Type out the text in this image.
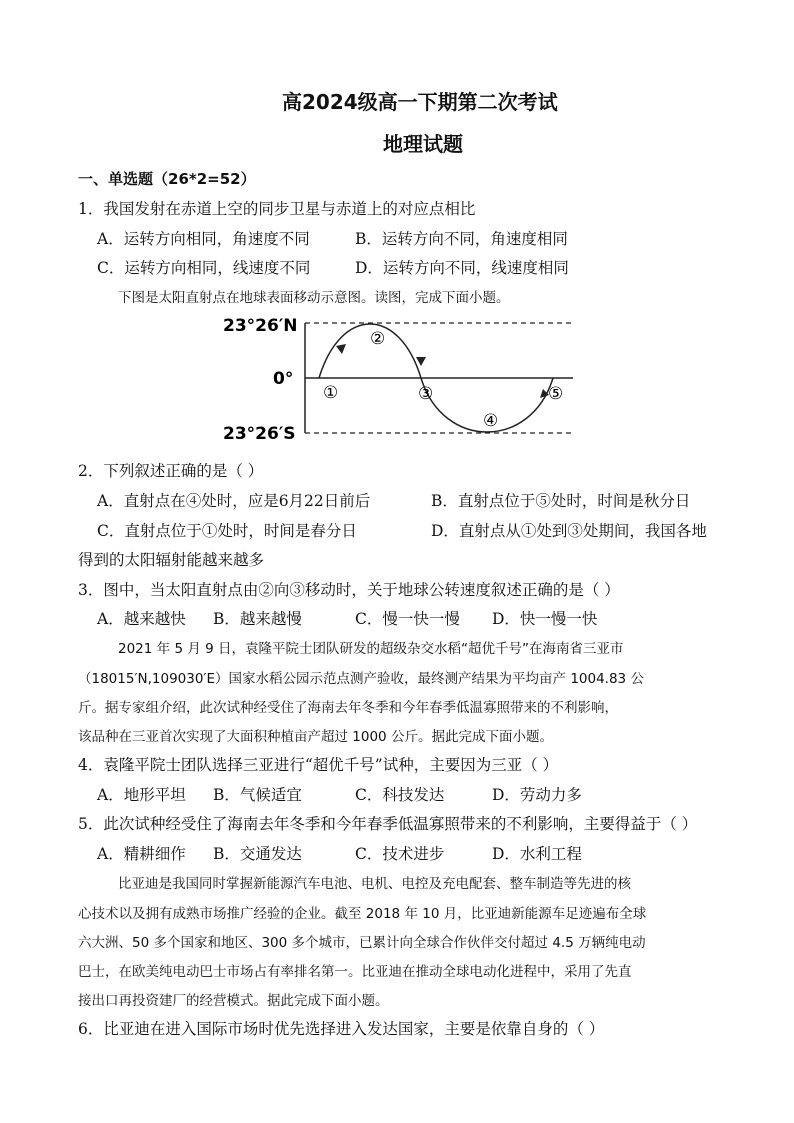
高2024级高一下期第二次考试
地理试题
一、单选题（26*2=52）
1．我国发射在赤道上空的同步卫星与赤道上的对应点相比
A．运转方向相同，角速度不同	B．运转方向不同，角速度相同
C．运转方向相同，线速度不同	D．运转方向不同，线速度相同
下图是太阳直射点在地球表面移动示意图。读图，完成下面小题。
23°26′N
0°
23°26′S
①
②
③
④
⑤
2．下列叙述正确的是（ ）
A．直射点在④处时，应是6月22日前后	B．直射点位于⑤处时，时间是秋分日
C．直射点位于①处时，时间是春分日	D．直射点从①处到③处期间，我国各地
得到的太阳辐射能越来越多
3．图中，当太阳直射点由②向③移动时，关于地球公转速度叙述正确的是（ ）
A．越来越快 B．越来越慢	C．慢一快一慢 D．快一慢一快
2021 年 5 月 9 日，袁隆平院士团队研发的超级杂交水稻“超优千号”在海南省三亚市
（18015′N,109030′E）国家水稻公园示范点测产验收，最终测产结果为平均亩产 1004.83 公
斤。据专家组介绍，此次试种经受住了海南去年冬季和今年春季低温寡照带来的不利影响，
该品种在三亚首次实现了大面积种植亩产超过 1000 公斤。据此完成下面小题。
4．袁隆平院士团队选择三亚进行“超优千号”试种，主要因为三亚（ ）
A．地形平坦 B．气候适宜	C．科技发达	D．劳动力多
5．此次试种经受住了海南去年冬季和今年春季低温寡照带来的不利影响，主要得益于（ ）
A．精耕细作 B．交通发达	C．技术进步	D．水利工程
比亚迪是我国同时掌握新能源汽车电池、电机、电控及充电配套、整车制造等先进的核
心技术以及拥有成熟市场推广经验的企业。截至 2018 年 10 月，比亚迪新能源车足迹遍布全球
六大洲、50 多个国家和地区、300 多个城市，已累计向全球合作伙伴交付超过 4.5 万辆纯电动
巴士，在欧美纯电动巴士市场占有率排名第一。比亚迪在推动全球电动化进程中，采用了先直
接出口再投资建厂的经营模式。据此完成下面小题。
6．比亚迪在进入国际市场时优先选择进入发达国家，主要是依靠自身的（ ）
